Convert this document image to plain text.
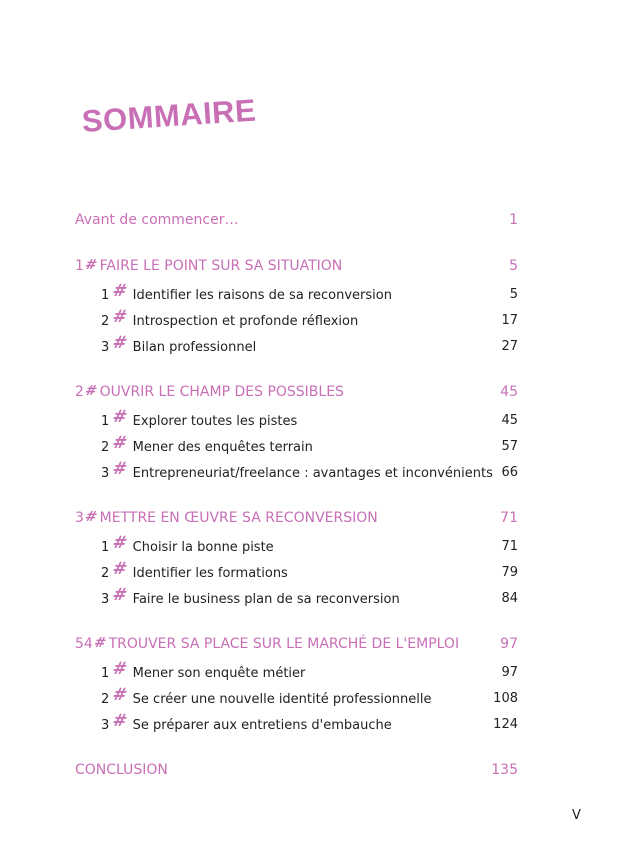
SOMMAIRE
Avant de commencer…	1
1#FAIRE LE POINT SUR SA SITUATION	5
1# Identifier les raisons de sa reconversion	5
2# Introspection et profonde réflexion	17
3# Bilan professionnel	27
2#OUVRIR LE CHAMP DES POSSIBLES	45
1# Explorer toutes les pistes	45
2# Mener des enquêtes terrain	57
3# Entrepreneuriat/freelance : avantages et inconvénients 66
3#METTRE EN ŒUVRE SA RECONVERSION	71
1# Choisir la bonne piste	71
2# Identifier les formations	79
3# Faire le business plan de sa reconversion	84
54#TROUVER SA PLACE SUR LE MARCHÉ DE L'EMPLOI	97
1# Mener son enquête métier	97
2# Se créer une nouvelle identité professionnelle	108
3# Se préparer aux entretiens d'embauche	124
CONCLUSION	135
V
